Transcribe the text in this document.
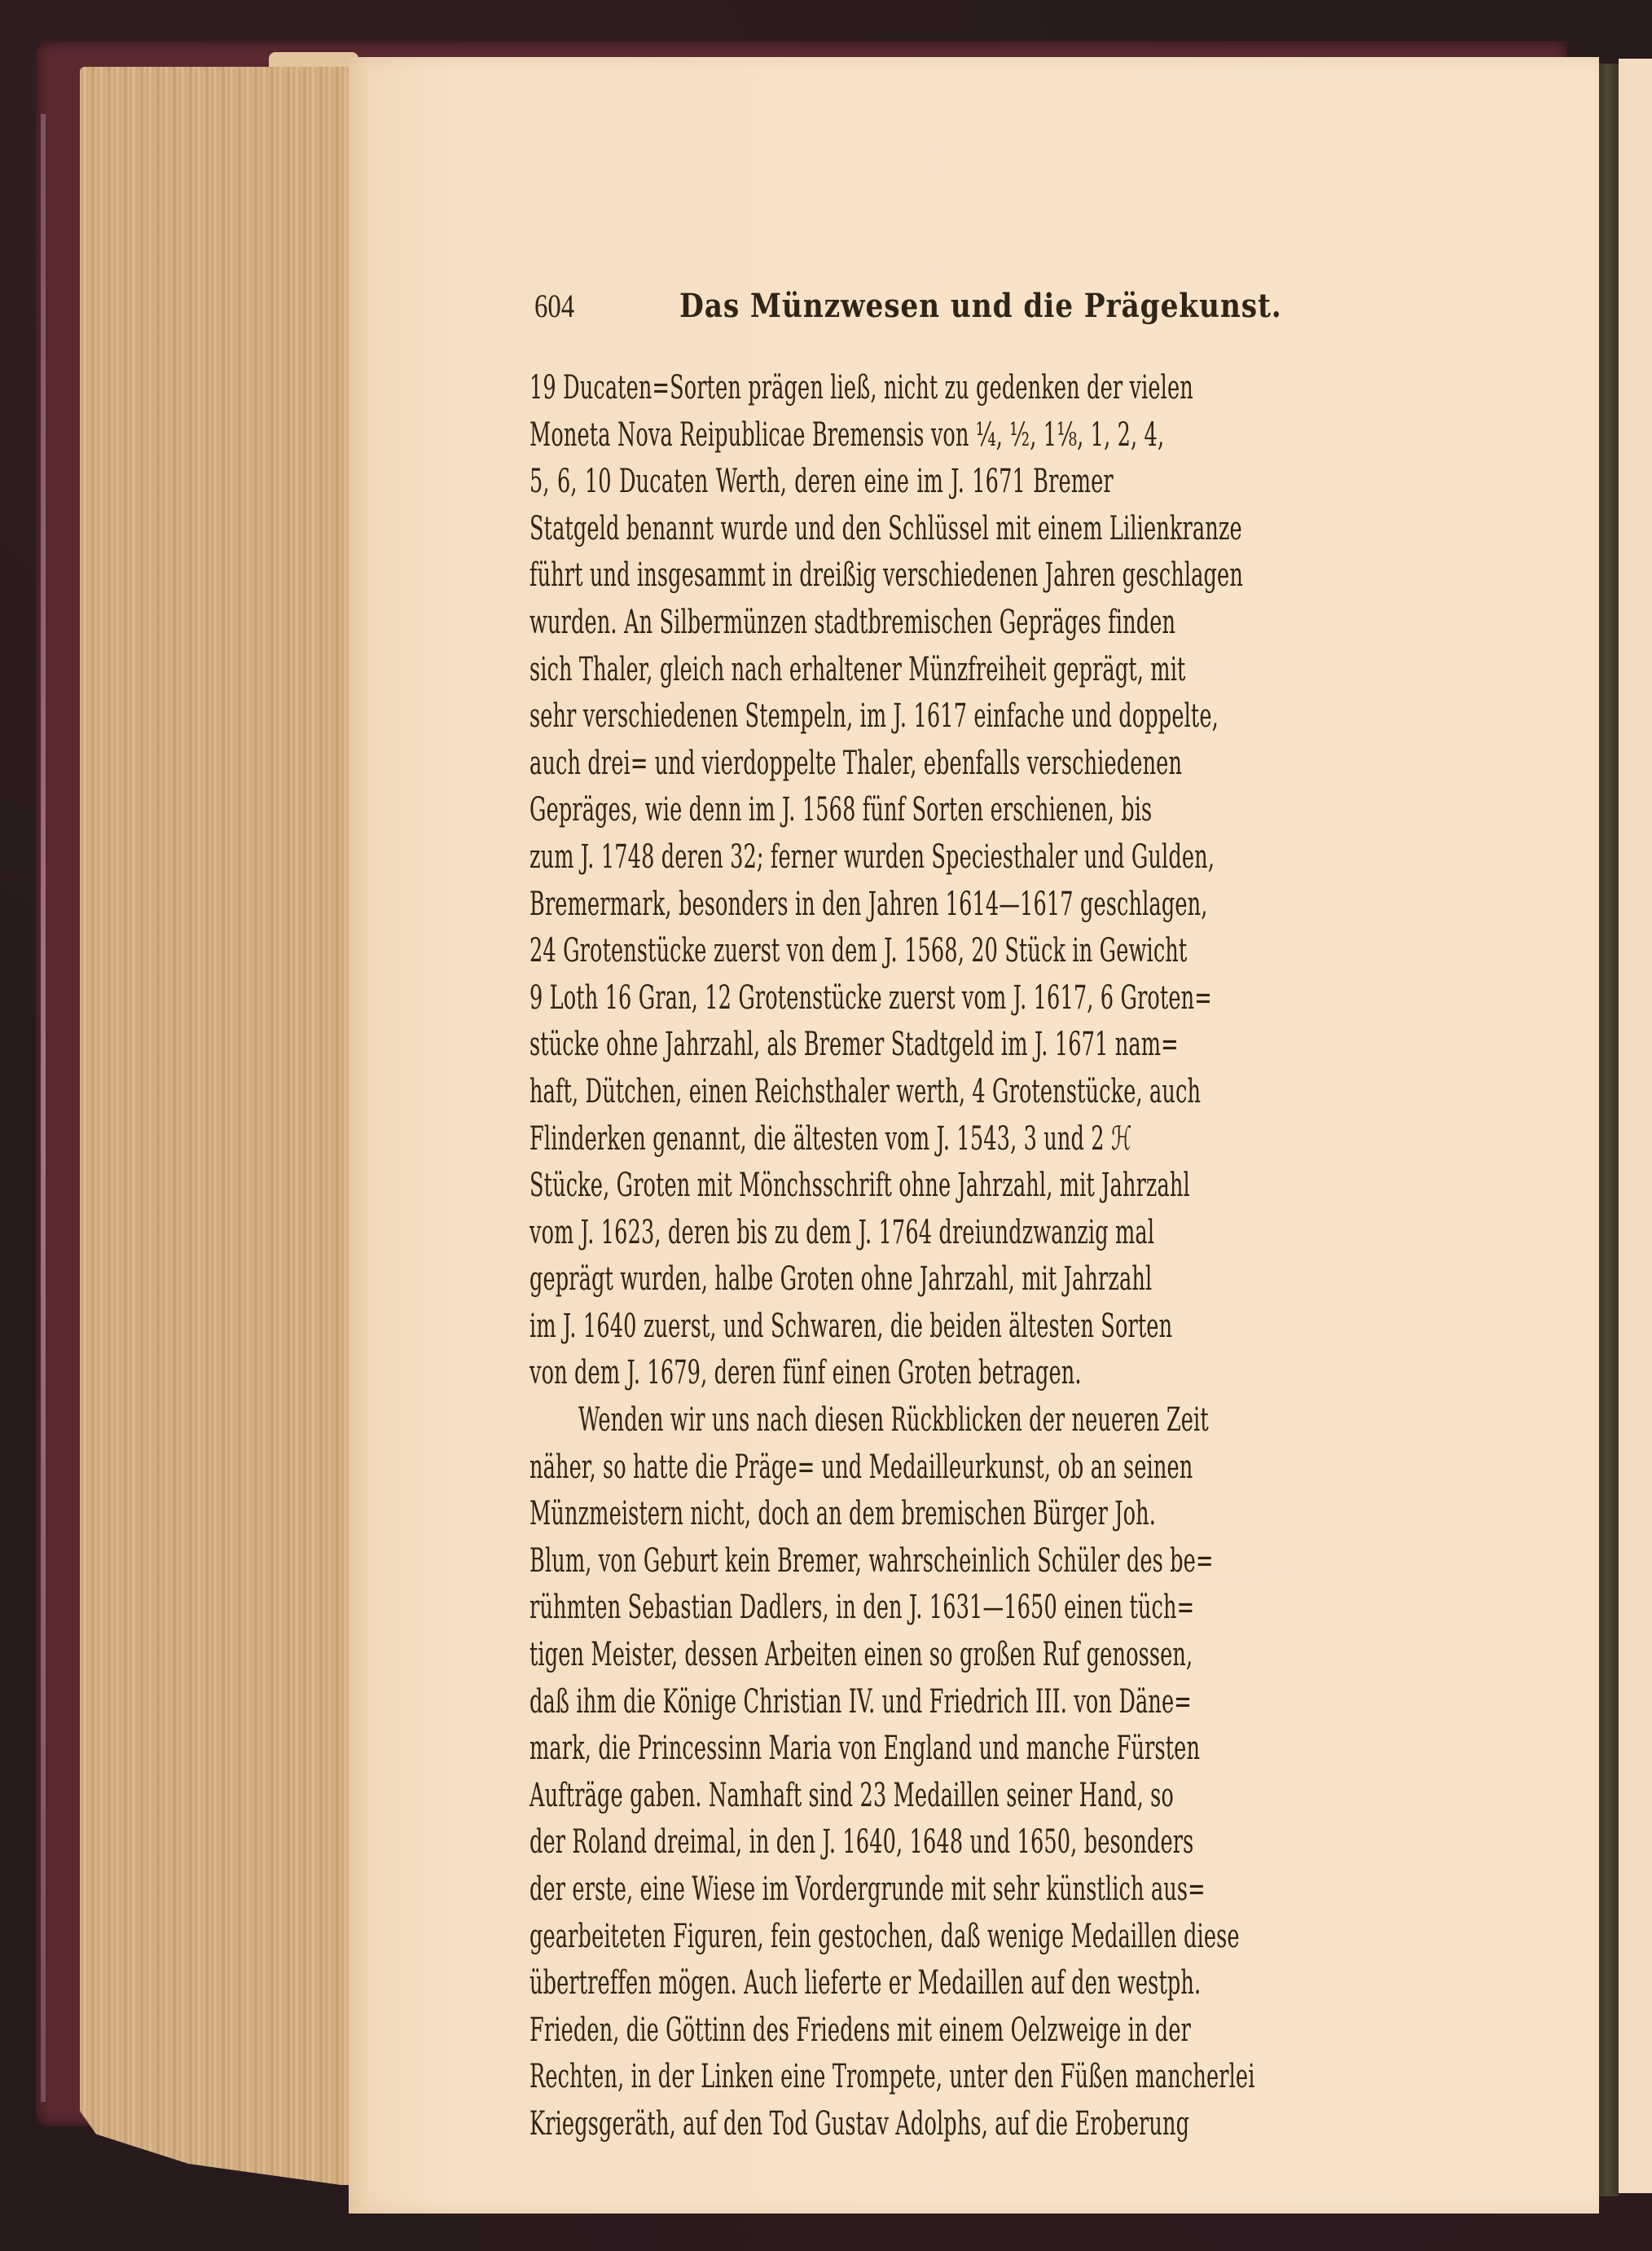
604	Das Münzwesen und die Prägekunst.
19 Ducaten=Sorten prägen ließ, nicht zu gedenken der vielen
Moneta Nova Reipublicae Bremensis von ¼, ½, 1⅛, 1, 2, 4,
5, 6, 10 Ducaten Werth, deren eine im J. 1671 Bremer
Statgeld benannt wurde und den Schlüssel mit einem Lilienkranze
führt und insgesammt in dreißig verschiedenen Jahren geschlagen
wurden. An Silbermünzen stadtbremischen Gepräges finden
sich Thaler, gleich nach erhaltener Münzfreiheit geprägt, mit
sehr verschiedenen Stempeln, im J. 1617 einfache und doppelte,
auch drei= und vierdoppelte Thaler, ebenfalls verschiedenen
Gepräges, wie denn im J. 1568 fünf Sorten erschienen, bis
zum J. 1748 deren 32; ferner wurden Speciesthaler und Gulden,
Bremermark, besonders in den Jahren 1614—1617 geschlagen,
24 Grotenstücke zuerst von dem J. 1568, 20 Stück in Gewicht
9 Loth 16 Gran, 12 Grotenstücke zuerst vom J. 1617, 6 Groten=
stücke ohne Jahrzahl, als Bremer Stadtgeld im J. 1671 nam=
haft, Dütchen, einen Reichsthaler werth, 4 Grotenstücke, auch
Flinderken genannt, die ältesten vom J. 1543, 3 und 2 ℋ
Stücke, Groten mit Mönchsschrift ohne Jahrzahl, mit Jahrzahl
vom J. 1623, deren bis zu dem J. 1764 dreiundzwanzig mal
geprägt wurden, halbe Groten ohne Jahrzahl, mit Jahrzahl
im J. 1640 zuerst, und Schwaren, die beiden ältesten Sorten
von dem J. 1679, deren fünf einen Groten betragen.
Wenden wir uns nach diesen Rückblicken der neueren Zeit
näher, so hatte die Präge= und Medailleurkunst, ob an seinen
Münzmeistern nicht, doch an dem bremischen Bürger Joh.
Blum, von Geburt kein Bremer, wahrscheinlich Schüler des be=
rühmten Sebastian Dadlers, in den J. 1631—1650 einen tüch=
tigen Meister, dessen Arbeiten einen so großen Ruf genossen,
daß ihm die Könige Christian IV. und Friedrich III. von Däne=
mark, die Princessinn Maria von England und manche Fürsten
Aufträge gaben. Namhaft sind 23 Medaillen seiner Hand, so
der Roland dreimal, in den J. 1640, 1648 und 1650, besonders
der erste, eine Wiese im Vordergrunde mit sehr künstlich aus=
gearbeiteten Figuren, fein gestochen, daß wenige Medaillen diese
übertreffen mögen. Auch lieferte er Medaillen auf den westph.
Frieden, die Göttinn des Friedens mit einem Oelzweige in der
Rechten, in der Linken eine Trompete, unter den Füßen mancherlei
Kriegsgeräth, auf den Tod Gustav Adolphs, auf die Eroberung
